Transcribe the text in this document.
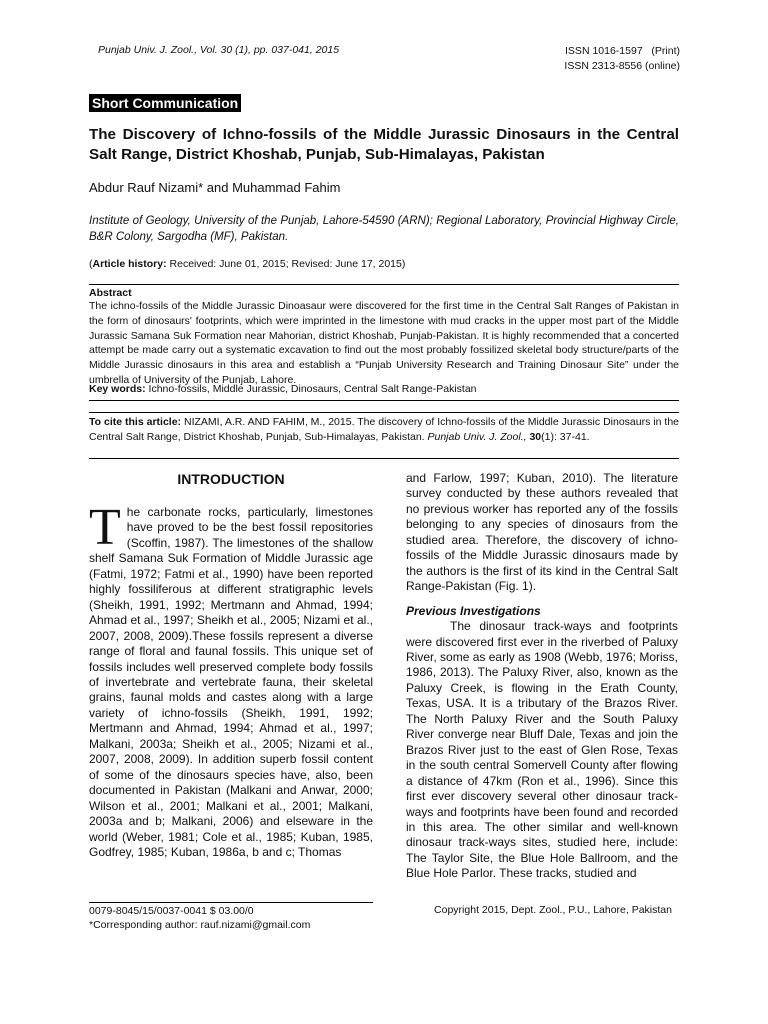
Punjab Univ. J. Zool., Vol. 30 (1), pp. 037-041, 2015	ISSN 1016-1597   (Print)
ISSN 2313-8556 (online)
Short Communication
The Discovery of Ichno-fossils of the Middle Jurassic Dinosaurs in the Central Salt Range, District Khoshab, Punjab, Sub-Himalayas, Pakistan
Abdur Rauf Nizami* and Muhammad Fahim
Institute of Geology, University of the Punjab, Lahore-54590 (ARN); Regional Laboratory, Provincial Highway Circle, B&R Colony, Sargodha (MF), Pakistan.
(Article history: Received: June 01, 2015; Revised: June 17, 2015)
Abstract
The ichno-fossils of the Middle Jurassic Dinoasaur were discovered for the first time in the Central Salt Ranges of Pakistan in the form of dinosaurs' footprints, which were imprinted in the limestone with mud cracks in the upper most part of the Middle Jurassic Samana Suk Formation near Mahorian, district Khoshab, Punjab-Pakistan. It is highly recommended that a concerted attempt be made carry out a systematic excavation to find out the most probably fossilized skeletal body structure/parts of the Middle Jurassic dinosaurs in this area and establish a “Punjab University Research and Training Dinosaur Site” under the umbrella of University of the Punjab, Lahore.
Key words: Ichno-fossils, Middle Jurassic, Dinosaurs, Central Salt Range-Pakistan
To cite this article: NIZAMI, A.R. AND FAHIM, M., 2015. The discovery of Ichno-fossils of the Middle Jurassic Dinosaurs in the Central Salt Range, District Khoshab, Punjab, Sub-Himalayas, Pakistan. Punjab Univ. J. Zool., 30(1): 37-41.
INTRODUCTION
The carbonate rocks, particularly, limestones have proved to be the best fossil repositories (Scoffin, 1987). The limestones of the shallow shelf Samana Suk Formation of Middle Jurassic age (Fatmi, 1972; Fatmi et al., 1990) have been reported highly fossiliferous at different stratigraphic levels (Sheikh, 1991, 1992; Mertmann and Ahmad, 1994; Ahmad et al., 1997; Sheikh et al., 2005; Nizami et al., 2007, 2008, 2009).These fossils represent a diverse range of floral and faunal fossils. This unique set of fossils includes well preserved complete body fossils of invertebrate and vertebrate fauna, their skeletal grains, faunal molds and castes along with a large variety of ichno-fossils (Sheikh, 1991, 1992; Mertmann and Ahmad, 1994; Ahmad et al., 1997; Malkani, 2003a; Sheikh et al., 2005; Nizami et al., 2007, 2008, 2009). In addition superb fossil content of some of the dinosaurs species have, also, been documented in Pakistan (Malkani and Anwar, 2000; Wilson et al., 2001; Malkani et al., 2001; Malkani, 2003a and b; Malkani, 2006) and elseware in the world (Weber, 1981; Cole et al., 1985; Kuban, 1985, Godfrey, 1985; Kuban, 1986a, b and c; Thomas

and Farlow, 1997; Kuban, 2010). The literature survey conducted by these authors revealed that no previous worker has reported any of the fossils belonging to any species of dinosaurs from the studied area. Therefore, the discovery of ichno-fossils of the Middle Jurassic dinosaurs made by the authors is the first of its kind in the Central Salt Range-Pakistan (Fig. 1).

Previous Investigations

The dinosaur track-ways and footprints were discovered first ever in the riverbed of Paluxy River, some as early as 1908 (Webb, 1976; Moriss, 1986, 2013). The Paluxy River, also, known as the Paluxy Creek, is flowing in the Erath County, Texas, USA. It is a tributary of the Brazos River. The North Paluxy River and the South Paluxy River converge near Bluff Dale, Texas and join the Brazos River just to the east of Glen Rose, Texas in the south central Somervell County after flowing a distance of 47km (Ron et al., 1996). Since this first ever discovery several other dinosaur track-ways and footprints have been found and recorded in this area. The other similar and well-known dinosaur track-ways sites, studied here, include: The Taylor Site, the Blue Hole Ballroom, and the Blue Hole Parlor. These tracks, studied and

0079-8045/15/0037-0041 $ 03.00/0
*Corresponding author: rauf.nizami@gmail.com
Copyright 2015, Dept. Zool., P.U., Lahore, Pakistan
